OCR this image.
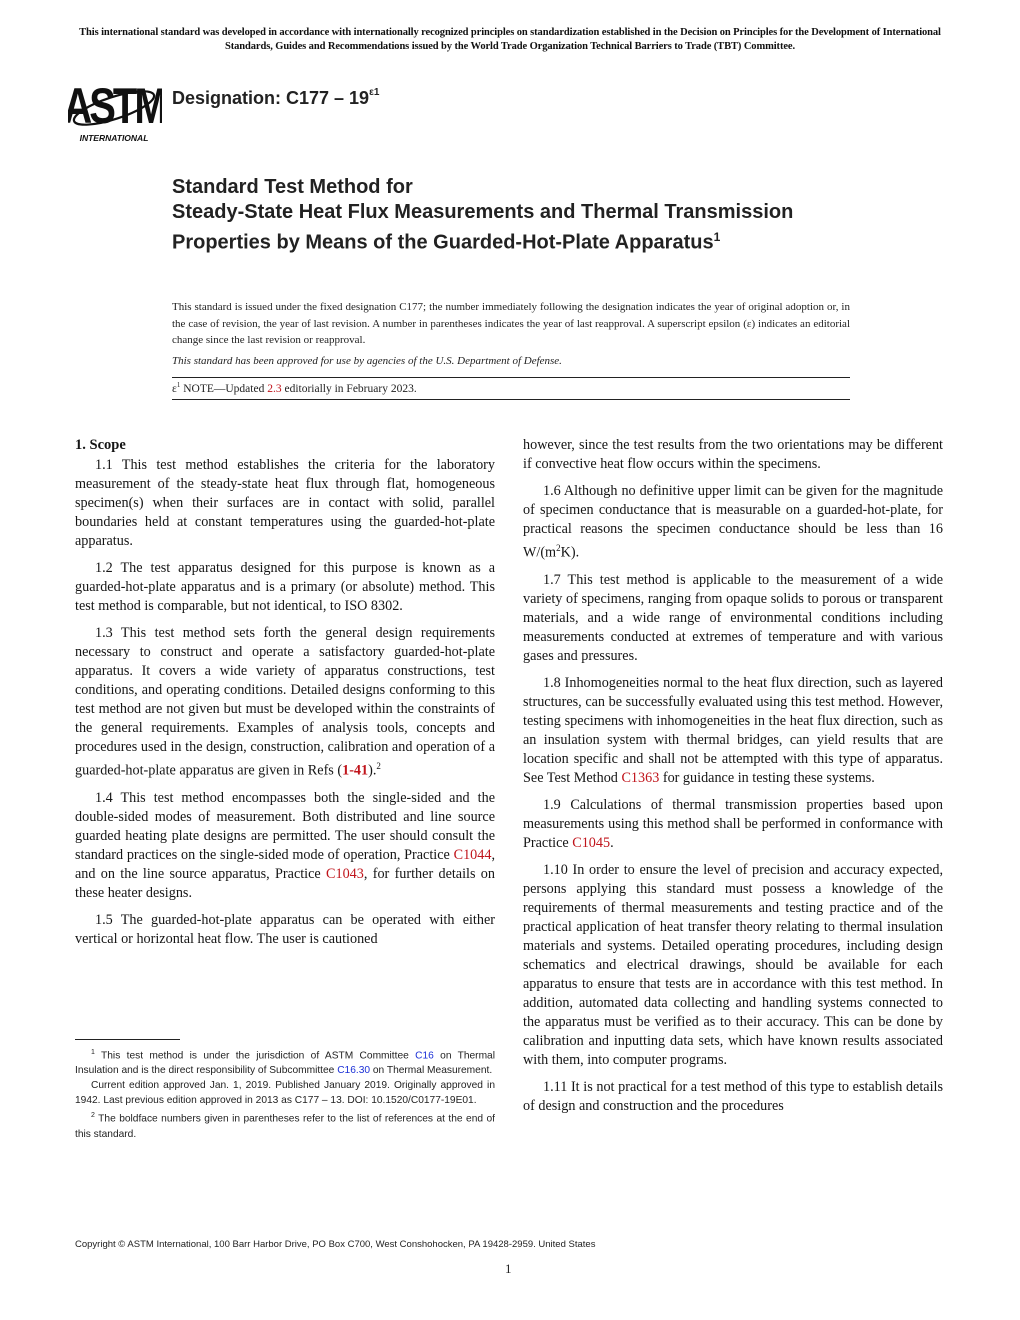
This international standard was developed in accordance with internationally recognized principles on standardization established in the Decision on Principles for the Development of International Standards, Guides and Recommendations issued by the World Trade Organization Technical Barriers to Trade (TBT) Committee.
ASTM
INTERNATIONAL
Designation: $C177 - 19^{\varepsilon 1}$
Standard Test Method for
Steady-State Heat Flux Measurements and Thermal Transmission Properties by Means of the Guarded-Hot-Plate Apparatus$^1$
This standard is issued under the fixed designation C177; the number immediately following the designation indicates the year of original adoption or, in the case of revision, the year of last revision. A number in parentheses indicates the year of last reapproval. A superscript epsilon (ε) indicates an editorial change since the last revision or reapproval.
This standard has been approved for use by agencies of the U.S. Department of Defense.
$\varepsilon^1$ NOTE—Updated 2.3 editorially in February 2023.
1. Scope

1.1 This test method establishes the criteria for the laboratory measurement of the steady-state heat flux through flat, homogeneous specimen(s) when their surfaces are in contact with solid, parallel boundaries held at constant temperatures using the guarded-hot-plate apparatus.

1.2 The test apparatus designed for this purpose is known as a guarded-hot-plate apparatus and is a primary (or absolute) method. This test method is comparable, but not identical, to ISO 8302.

1.3 This test method sets forth the general design requirements necessary to construct and operate a satisfactory guarded-hot-plate apparatus. It covers a wide variety of apparatus constructions, test conditions, and operating conditions. Detailed designs conforming to this test method are not given but must be developed within the constraints of the general requirements. Examples of analysis tools, concepts and procedures used in the design, construction, calibration and operation of a guarded-hot-plate apparatus are given in Refs (1-41).$^2$

1.4 This test method encompasses both the single-sided and the double-sided modes of measurement. Both distributed and line source guarded heating plate designs are permitted. The user should consult the standard practices on the single-sided mode of operation, Practice C1044, and on the line source apparatus, Practice C1043, for further details on these heater designs.

1.5 The guarded-hot-plate apparatus can be operated with either vertical or horizontal heat flow. The user is cautioned

however, since the test results from the two orientations may be different if convective heat flow occurs within the specimens.

1.6 Although no definitive upper limit can be given for the magnitude of specimen conductance that is measurable on a guarded-hot-plate, for practical reasons the specimen conductance should be less than 16 $W/(m^2K)$.

1.7 This test method is applicable to the measurement of a wide variety of specimens, ranging from opaque solids to porous or transparent materials, and a wide range of environmental conditions including measurements conducted at extremes of temperature and with various gases and pressures.

1.8 Inhomogeneities normal to the heat flux direction, such as layered structures, can be successfully evaluated using this test method. However, testing specimens with inhomogeneities in the heat flux direction, such as an insulation system with thermal bridges, can yield results that are location specific and shall not be attempted with this type of apparatus. See Test Method C1363 for guidance in testing these systems.

1.9 Calculations of thermal transmission properties based upon measurements using this method shall be performed in conformance with Practice C1045.

1.10 In order to ensure the level of precision and accuracy expected, persons applying this standard must possess a knowledge of the requirements of thermal measurements and testing practice and of the practical application of heat transfer theory relating to thermal insulation materials and systems. Detailed operating procedures, including design schematics and electrical drawings, should be available for each apparatus to ensure that tests are in accordance with this test method. In addition, automated data collecting and handling systems connected to the apparatus must be verified as to their accuracy. This can be done by calibration and inputting data sets, which have known results associated with them, into computer programs.

1.11 It is not practical for a test method of this type to establish details of design and construction and the procedures

$^1$ This test method is under the jurisdiction of ASTM Committee C16 on Thermal Insulation and is the direct responsibility of Subcommittee C16.30 on Thermal Measurement.

Current edition approved Jan. 1, 2019. Published January 2019. Originally approved in 1942. Last previous edition approved in 2013 as C177 – 13. DOI: 10.1520/C0177-19E01.

$^2$ The boldface numbers given in parentheses refer to the list of references at the end of this standard.

Copyright © ASTM International, 100 Barr Harbor Drive, PO Box C700, West Conshohocken, PA 19428-2959. United States
1
